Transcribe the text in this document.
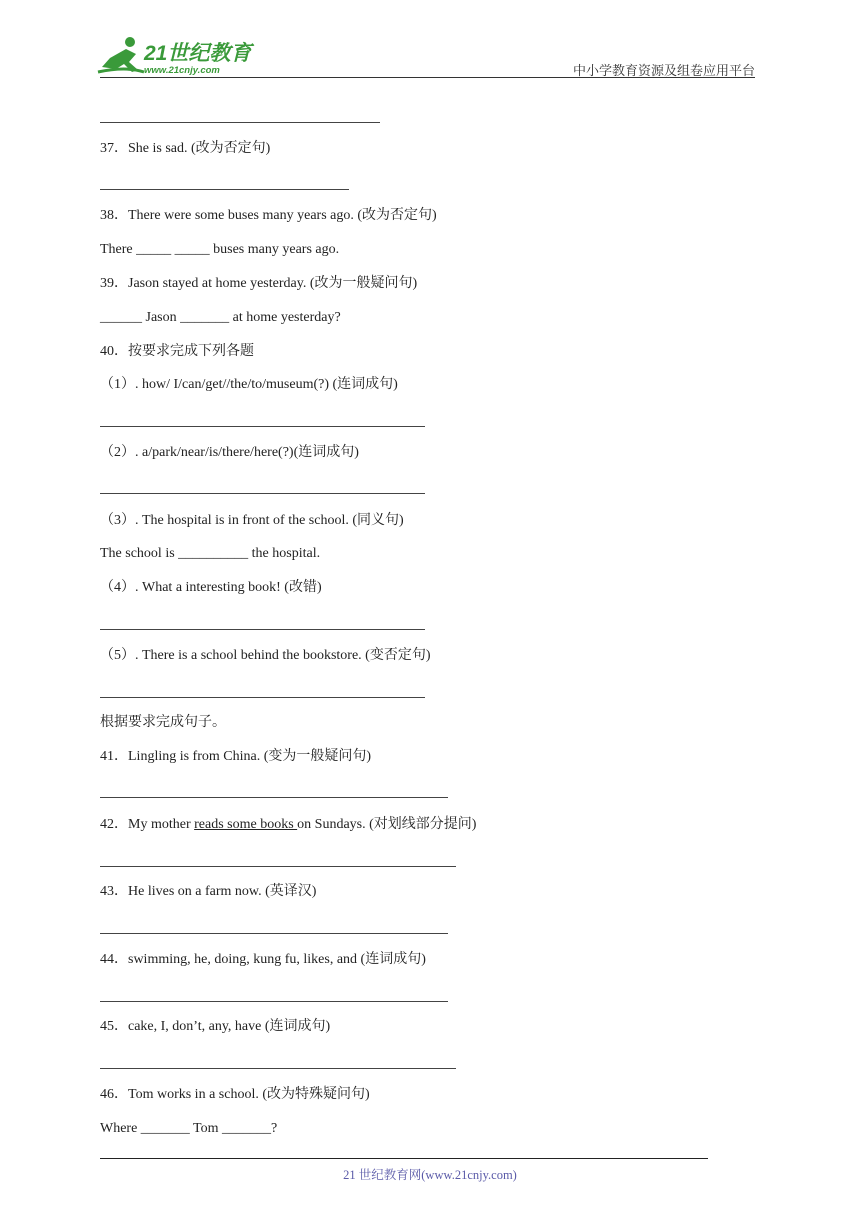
21世纪教育
www.21cnjy.com	中小学教育资源及组卷应用平台
37．She is sad. (改为否定句)
38．There were some buses many years ago. (改为否定句)
There _____ _____ buses many years ago.
39．Jason stayed at home yesterday. (改为一般疑问句)
______ Jason _______ at home yesterday?
40．按要求完成下列各题
（1）. how/ I/can/get//the/to/museum(?) (连词成句)
（2）. a/park/near/is/there/here(?)(连词成句)
（3）. The hospital is in front of the school. (同义句)
The school is __________ the hospital.
（4）. What a interesting book! (改错)
（5）. There is a school behind the bookstore. (变否定句)
根据要求完成句子。
41．Lingling is from China. (变为一般疑问句)
42．My mother reads some books on Sundays. (对划线部分提问)
43．He lives on a farm now. (英译汉)
44．swimming, he, doing, kung fu, likes, and (连词成句)
45．cake, I, don’t, any, have (连词成句)
46．Tom works in a school. (改为特殊疑问句)
Where _______ Tom _______?
21 世纪教育网(www.21cnjy.com)
